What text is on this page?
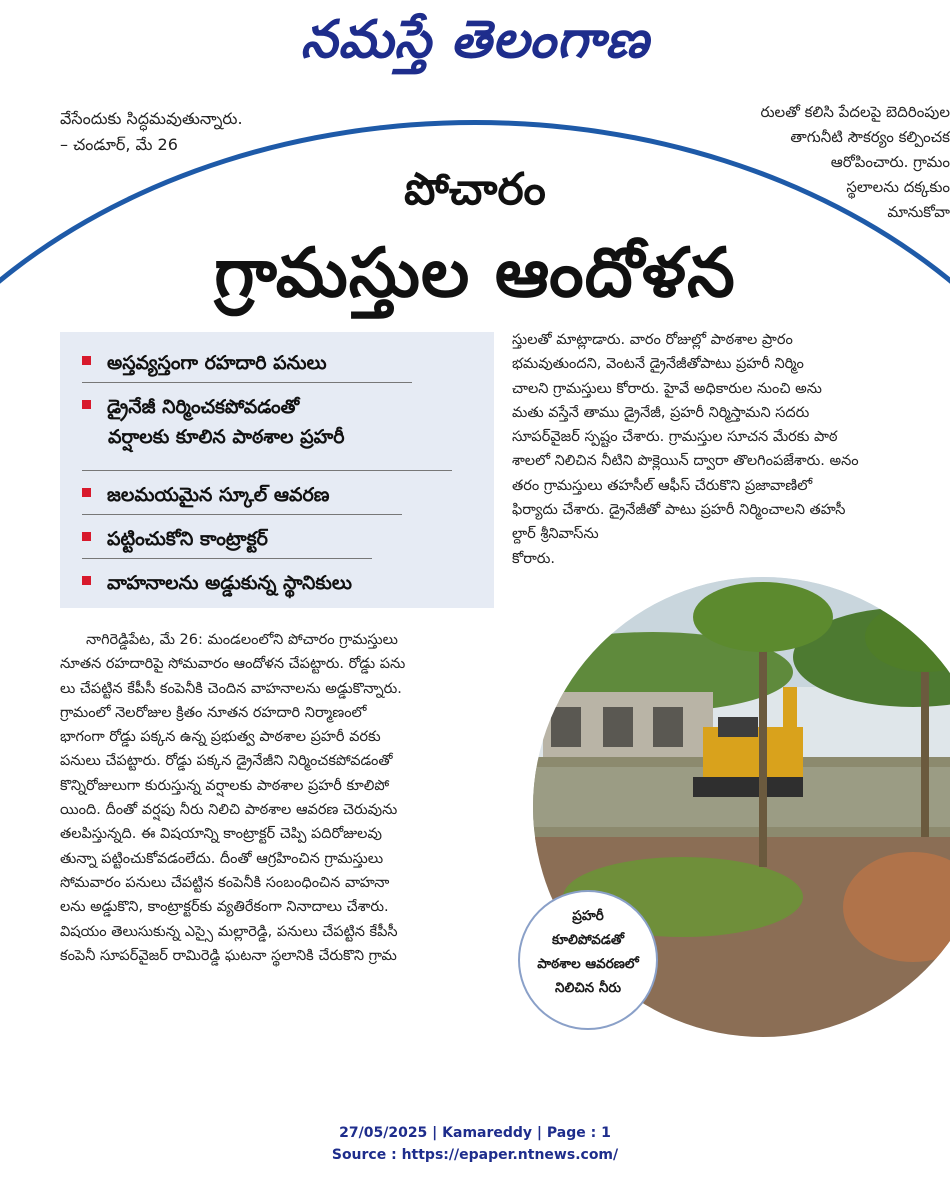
నమస్తే తెలంగాణ
వేసేందుకు సిద్ధమవుతున్నారు.
– చండూర్, మే 26
రులతో కలిసి పేదలపై బెదిరింపుల
తాగునీటి సౌకర్యం కల్పించక
ఆరోపించారు. గ్రామం
స్థలాలను దక్కకుం
మానుకోవా
పోచారం
గ్రామస్తుల ఆందోళన
అస్తవ్యస్తంగా రహదారి పనులు
డ్రైనేజీ నిర్మించకపోవడంతో
వర్షాలకు కూలిన పాఠశాల ప్రహరీ
జలమయమైన స్కూల్ ఆవరణ
పట్టించుకోని కాంట్రాక్టర్
వాహనాలను అడ్డుకున్న స్థానికులు
నాగిరెడ్డిపేట, మే 26: మండలంలోని పోచారం గ్రామస్తులు
నూతన రహదారిపై సోమవారం ఆందోళన చేపట్టారు. రోడ్డు పను
లు చేపట్టిన కేపీసీ కంపెనీకి చెందిన వాహనాలను అడ్డుకొన్నారు.
గ్రామంలో నెలరోజుల క్రితం నూతన రహదారి నిర్మాణంలో
భాగంగా రోడ్డు పక్కన ఉన్న ప్రభుత్వ పాఠశాల ప్రహరీ వరకు
పనులు చేపట్టారు. రోడ్డు పక్కన డ్రైనేజీని నిర్మించకపోవడంతో
కొన్నిరోజులుగా కురుస్తున్న వర్షాలకు పాఠశాల ప్రహరీ కూలిపో
యింది. దీంతో వర్షపు నీరు నిలిచి పాఠశాల ఆవరణ చెరువును
తలపిస్తున్నది. ఈ విషయాన్ని కాంట్రాక్టర్ చెప్పి పదిరోజులవు
తున్నా పట్టించుకోవడంలేదు. దీంతో ఆగ్రహించిన గ్రామస్తులు
సోమవారం పనులు చేపట్టిన కంపెనీకి సంబంధించిన వాహనా
లను అడ్డుకొని, కాంట్రాక్టర్‌కు వ్యతిరేకంగా నినాదాలు చేశారు.
విషయం తెలుసుకున్న ఎస్సై మల్లారెడ్డి, పనులు చేపట్టిన కేపీసీ
కంపెనీ సూపర్‌వైజర్ రామిరెడ్డి ఘటనా స్థలానికి చేరుకొని గ్రామ
స్తులతో మాట్లాడారు. వారం రోజుల్లో పాఠశాల ప్రారం
భమవుతుందని, వెంటనే డ్రైనేజీతోపాటు ప్రహరీ నిర్మిం
చాలని గ్రామస్తులు కోరారు. హైవే అధికారుల నుంచి అను
మతు వస్తేనే తాము డ్రైనేజీ, ప్రహరీ నిర్మిస్తామని సదరు
సూపర్‌వైజర్ స్పష్టం చేశారు. గ్రామస్తుల సూచన మేరకు పాఠ
శాలలో నిలిచిన నీటిని పొక్లెయిన్ ద్వారా తొలగింపజేశారు. అనం
తరం గ్రామస్తులు తహసీల్ ఆఫీస్ చేరుకొని ప్రజావాణిలో
ఫిర్యాదు చేశారు. డ్రైనేజీతో పాటు ప్రహరీ నిర్మించాలని తహసీ
ల్దార్ శ్రీనివాస్‌ను
కోరారు.
ప్రహరీ
కూలిపోవడతో
పాఠశాల ఆవరణలో
నిలిచిన నీరు
27/05/2025 | Kamareddy | Page : 1
Source : https://epaper.ntnews.com/
